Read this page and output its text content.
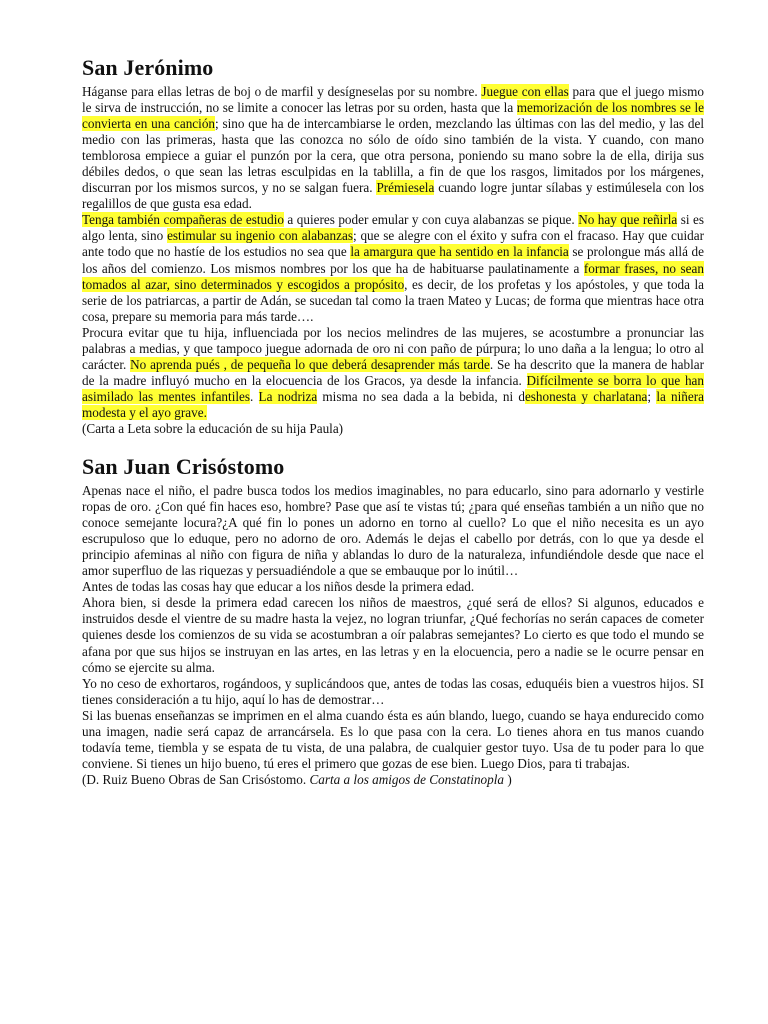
San Jerónimo

Háganse para ellas letras de boj o de marfil y desígneselas por su nombre. Juegue con ellas para que el juego mismo le sirva de instrucción, no se limite a conocer las letras por su orden, hasta que la memorización de los nombres se le convierta en una canción; sino que ha de intercambiarse le orden, mezclando las últimas con las del medio, y las del medio con las primeras, hasta que las conozca no sólo de oído sino también de la vista. Y cuando, con mano temblorosa empiece a guiar el punzón por la cera, que otra persona, poniendo su mano sobre la de ella, dirija sus débiles dedos, o que sean las letras esculpidas en la tablilla, a fin de que los rasgos, limitados por los márgenes, discurran por los mismos surcos, y no se salgan fuera. Prémiesela cuando logre juntar sílabas y estimúlesela con los regalillos de que gusta esa edad.

Tenga también compañeras de estudio a quieres poder emular y con cuya alabanzas se pique. No hay que reñirla si es algo lenta, sino estimular su ingenio con alabanzas; que se alegre con el éxito y sufra con el fracaso. Hay que cuidar ante todo que no hastíe de los estudios no sea que la amargura que ha sentido en la infancia se prolongue más allá de los años del comienzo. Los mismos nombres por los que ha de habituarse paulatinamente a formar frases, no sean tomados al azar, sino determinados y escogidos a propósito, es decir, de los profetas y los apóstoles, y que toda la serie de los patriarcas, a partir de Adán, se sucedan tal como la traen Mateo y Lucas; de forma que mientras hace otra cosa, prepare su memoria para más tarde….

Procura evitar que tu hija, influenciada por los necios melindres de las mujeres, se acostumbre a pronunciar las palabras a medias, y que tampoco juegue adornada de oro ni con paño de púrpura; lo uno daña a la lengua; lo otro al carácter. No aprenda pués , de pequeña lo que deberá desaprender más tarde. Se ha descrito que la manera de hablar de la madre influyó mucho en la elocuencia de los Gracos, ya desde la infancia. Difícilmente se borra lo que han asimilado las mentes infantiles. La nodriza misma no sea dada a la bebida, ni deshonesta y charlatana; la niñera modesta y el ayo grave.

(Carta a Leta sobre la educación de su hija Paula)

San Juan Crisóstomo

Apenas nace el niño, el padre busca todos los medios imaginables, no para educarlo, sino para adornarlo y vestirle ropas de oro. ¿Con qué fin haces eso, hombre? Pase que así te vistas tú; ¿para qué enseñas también a un niño que no conoce semejante locura?¿A qué fin lo pones un adorno en torno al cuello? Lo que el niño necesita es un ayo escrupuloso que lo eduque, pero no adorno de oro. Además le dejas el cabello por detrás, con lo que ya desde el principio afeminas al niño con figura de niña y ablandas lo duro de la naturaleza, infundiéndole desde que nace el amor superfluo de las riquezas y persuadiéndole a que se embauque por lo inútil…

Antes de todas las cosas hay que educar a los niños desde la primera edad.

Ahora bien, si desde la primera edad carecen los niños de maestros, ¿qué será de ellos? Si algunos, educados e instruidos desde el vientre de su madre hasta la vejez, no logran triunfar, ¿Qué fechorías no serán capaces de cometer quienes desde los comienzos de su vida se acostumbran a oír palabras semejantes? Lo cierto es que todo el mundo se afana por que sus hijos se instruyan en las artes, en las letras y en la elocuencia, pero a nadie se le ocurre pensar en cómo se ejercite su alma.

Yo no ceso de exhortaros, rogándoos, y suplicándoos que, antes de todas las cosas, eduquéis bien a vuestros hijos. SI tienes consideración a tu hijo, aquí lo has de demostrar…

Si las buenas enseñanzas se imprimen en el alma cuando ésta es aún blando, luego, cuando se haya endurecido como una imagen, nadie será capaz de arrancársela. Es lo que pasa con la cera. Lo tienes ahora en tus manos cuando todavía teme, tiembla y se espata de tu vista, de una palabra, de cualquier gestor tuyo. Usa de tu poder para lo que conviene. Si tienes un hijo bueno, tú eres el primero que gozas de ese bien. Luego Dios, para ti trabajas.

(D. Ruiz Bueno Obras de San Crisóstomo. Carta a los amigos de Constatinopla )
